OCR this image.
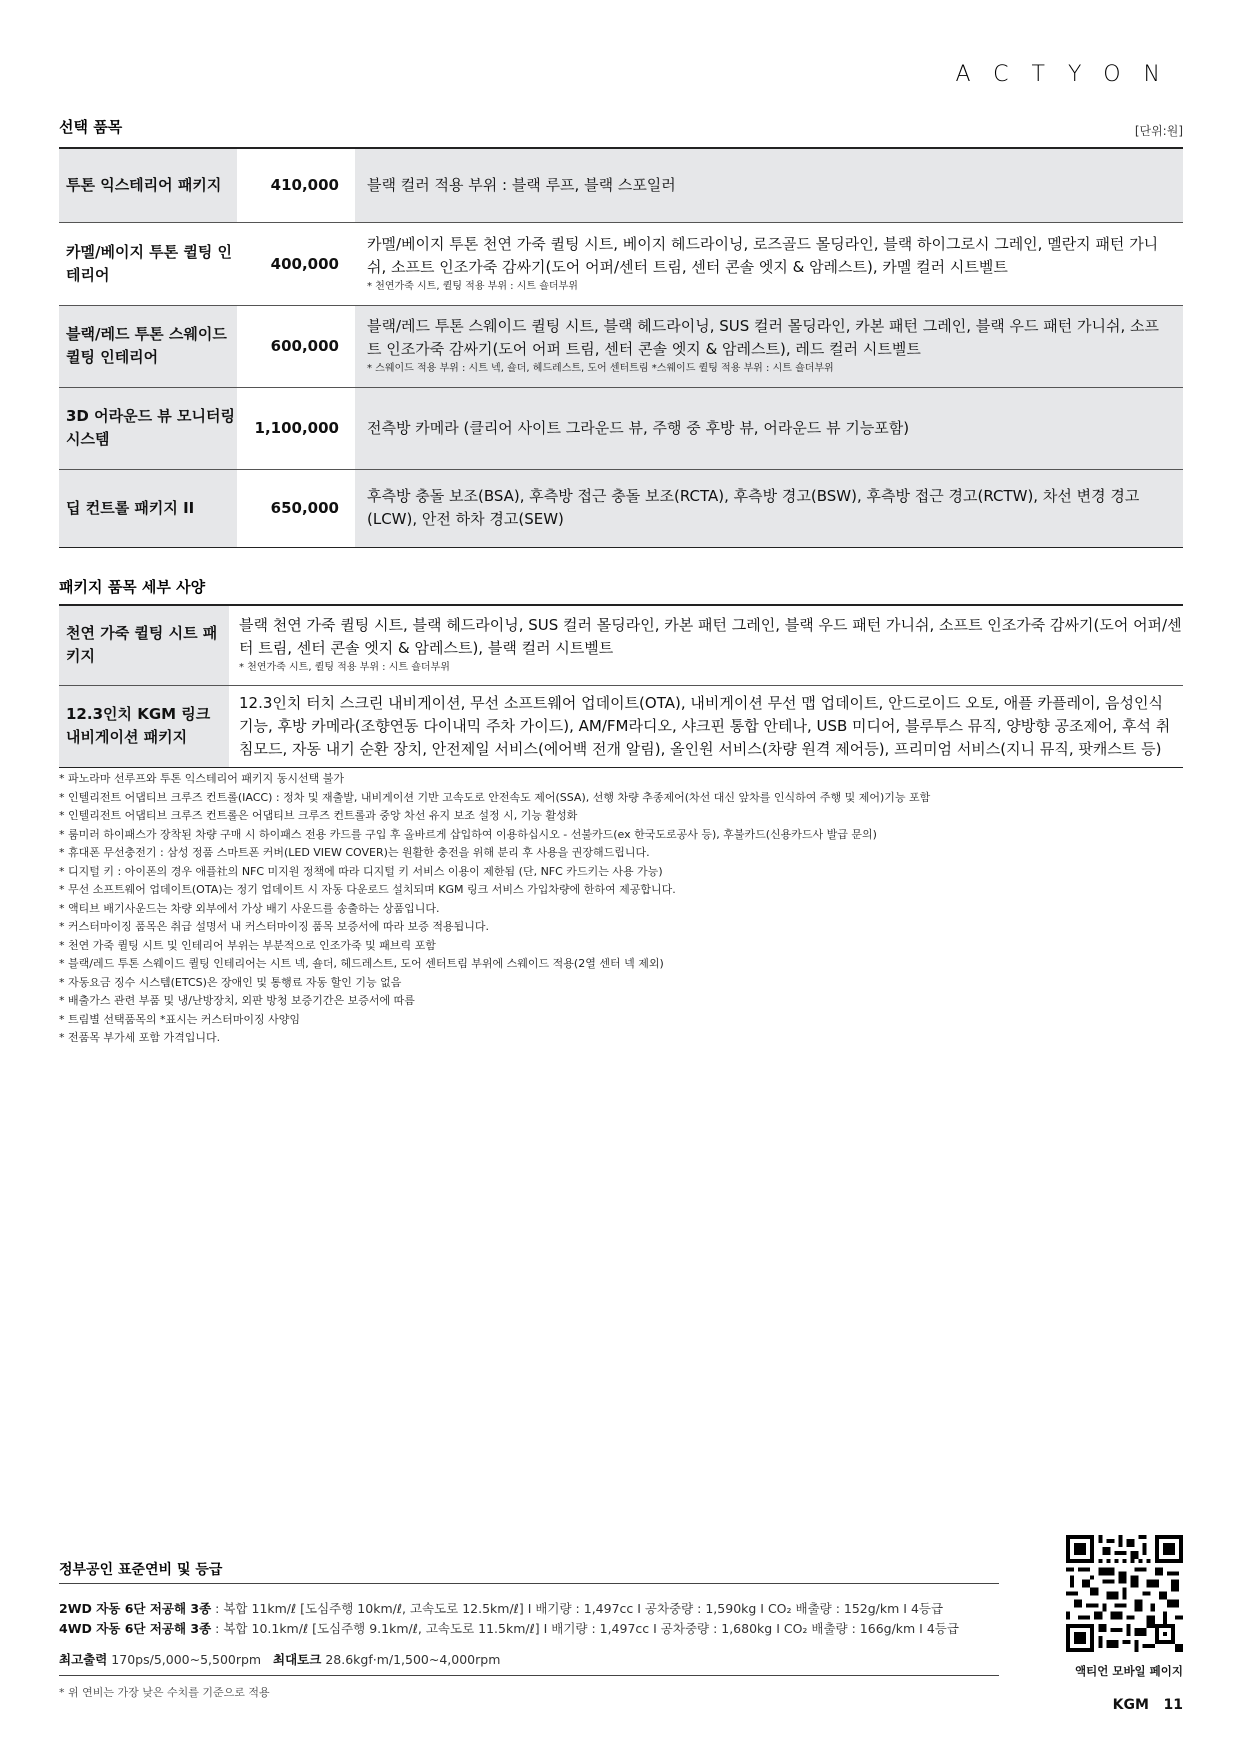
ACTYON
선택 품목	[단위:원]
투톤 익스테리어 패키지	410,000	블랙 컬러 적용 부위 : 블랙 루프, 블랙 스포일러

카멜/베이지 투톤 퀼팅 인테리어	400,000	카멜/베이지 투톤 천연 가죽 퀼팅 시트, 베이지 헤드라이닝, 로즈골드 몰딩라인, 블랙 하이그로시 그레인, 멜란지 패턴 가니쉬, 소프트 인조가죽 감싸기(도어 어퍼/센터 트림, 센터 콘솔 엣지 & 암레스트), 카멜 컬러 시트벨트
* 천연가죽 시트, 퀼팅 적용 부위 : 시트 숄더부위

블랙/레드 투톤 스웨이드 퀼팅 인테리어	600,000	블랙/레드 투톤 스웨이드 퀼팅 시트, 블랙 헤드라이닝, SUS 컬러 몰딩라인, 카본 패턴 그레인, 블랙 우드 패턴 가니쉬, 소프트 인조가죽 감싸기(도어 어퍼 트림, 센터 콘솔 엣지 & 암레스트), 레드 컬러 시트벨트
* 스웨이드 적용 부위 : 시트 넥, 숄더, 헤드레스트, 도어 센터트림 *스웨이드 퀼팅 적용 부위 : 시트 숄더부위

3D 어라운드 뷰 모니터링 시스템	1,100,000	전측방 카메라 (클리어 사이트 그라운드 뷰, 주행 중 후방 뷰, 어라운드 뷰 기능포함)

딥 컨트롤 패키지 II	650,000	후측방 충돌 보조(BSA), 후측방 접근 충돌 보조(RCTA), 후측방 경고(BSW), 후측방 접근 경고(RCTW), 차선 변경 경고(LCW), 안전 하차 경고(SEW)
패키지 품목 세부 사양
천연 가죽 퀼팅 시트 패키지	블랙 천연 가죽 퀼팅 시트, 블랙 헤드라이닝, SUS 컬러 몰딩라인, 카본 패턴 그레인, 블랙 우드 패턴 가니쉬, 소프트 인조가죽 감싸기(도어 어퍼/센터 트림, 센터 콘솔 엣지 & 암레스트), 블랙 컬러 시트벨트
* 천연가죽 시트, 퀼팅 적용 부위 : 시트 숄더부위

12.3인치 KGM 링크 내비게이션 패키지	12.3인치 터치 스크린 내비게이션, 무선 소프트웨어 업데이트(OTA), 내비게이션 무선 맵 업데이트, 안드로이드 오토, 애플 카플레이, 음성인식 기능, 후방 카메라(조향연동 다이내믹 주차 가이드), AM/FM라디오, 샤크핀 통합 안테나, USB 미디어, 블루투스 뮤직, 양방향 공조제어, 후석 취침모드, 자동 내기 순환 장치, 안전제일 서비스(에어백 전개 알림), 올인원 서비스(차량 원격 제어등), 프리미엄 서비스(지니 뮤직, 팟캐스트 등)
* 파노라마 선루프와 투톤 익스테리어 패키지 동시선택 불가
* 인텔리전트 어댑티브 크루즈 컨트롤(IACC) : 정차 및 재출발, 내비게이션 기반 고속도로 안전속도 제어(SSA), 선행 차량 추종제어(차선 대신 앞차를 인식하여 주행 및 제어)기능 포함
* 인텔리전트 어댑티브 크루즈 컨트롤은 어댑티브 크루즈 컨트롤과 중앙 차선 유지 보조 설정 시, 기능 활성화
* 룸미러 하이패스가 장착된 차량 구매 시 하이패스 전용 카드를 구입 후 올바르게 삽입하여 이용하십시오 - 선불카드(ex 한국도로공사 등), 후불카드(신용카드사 발급 문의)
* 휴대폰 무선충전기 : 삼성 정품 스마트폰 커버(LED VIEW COVER)는 원활한 충전을 위해 분리 후 사용을 권장해드립니다.
* 디지털 키 : 아이폰의 경우 애플社의 NFC 미지원 정책에 따라 디지털 키 서비스 이용이 제한됨 (단, NFC 카드키는 사용 가능)
* 무선 소프트웨어 업데이트(OTA)는 정기 업데이트 시 자동 다운로드 설치되며 KGM 링크 서비스 가입차량에 한하여 제공합니다.
* 액티브 배기사운드는 차량 외부에서 가상 배기 사운드를 송출하는 상품입니다.
* 커스터마이징 품목은 취급 설명서 내 커스터마이징 품목 보증서에 따라 보증 적용됩니다.
* 천연 가죽 퀼팅 시트 및 인테리어 부위는 부분적으로 인조가죽 및 패브릭 포함
* 블랙/레드 투톤 스웨이드 퀼팅 인테리어는 시트 넥, 숄더, 헤드레스트, 도어 센터트림 부위에 스웨이드 적용(2열 센터 넥 제외)
* 자동요금 징수 시스템(ETCS)은 장애인 및 통행료 자동 할인 기능 없음
* 배출가스 관련 부품 및 냉/난방장치, 외판 방청 보증기간은 보증서에 따름
* 트림별 선택품목의 *표시는 커스터마이징 사양임
* 전품목 부가세 포함 가격입니다.
정부공인 표준연비 및 등급
2WD 자동 6단 저공해 3종 : 복합 11km/ℓ [도심주행 10km/ℓ, 고속도로 12.5km/ℓ] I 배기량 : 1,497cc I 공차중량 : 1,590kg I CO₂ 배출량 : 152g/km I 4등급
4WD 자동 6단 저공해 3종 : 복합 10.1km/ℓ [도심주행 9.1km/ℓ, 고속도로 11.5km/ℓ] I 배기량 : 1,497cc I 공차중량 : 1,680kg I CO₂ 배출량 : 166g/km I 4등급
최고출력 170ps/5,000~5,500rpm 최대토크 28.6kgf·m/1,500~4,000rpm
* 위 연비는 가장 낮은 수치를 기준으로 적용
액티언 모바일 페이지
KGM 11
